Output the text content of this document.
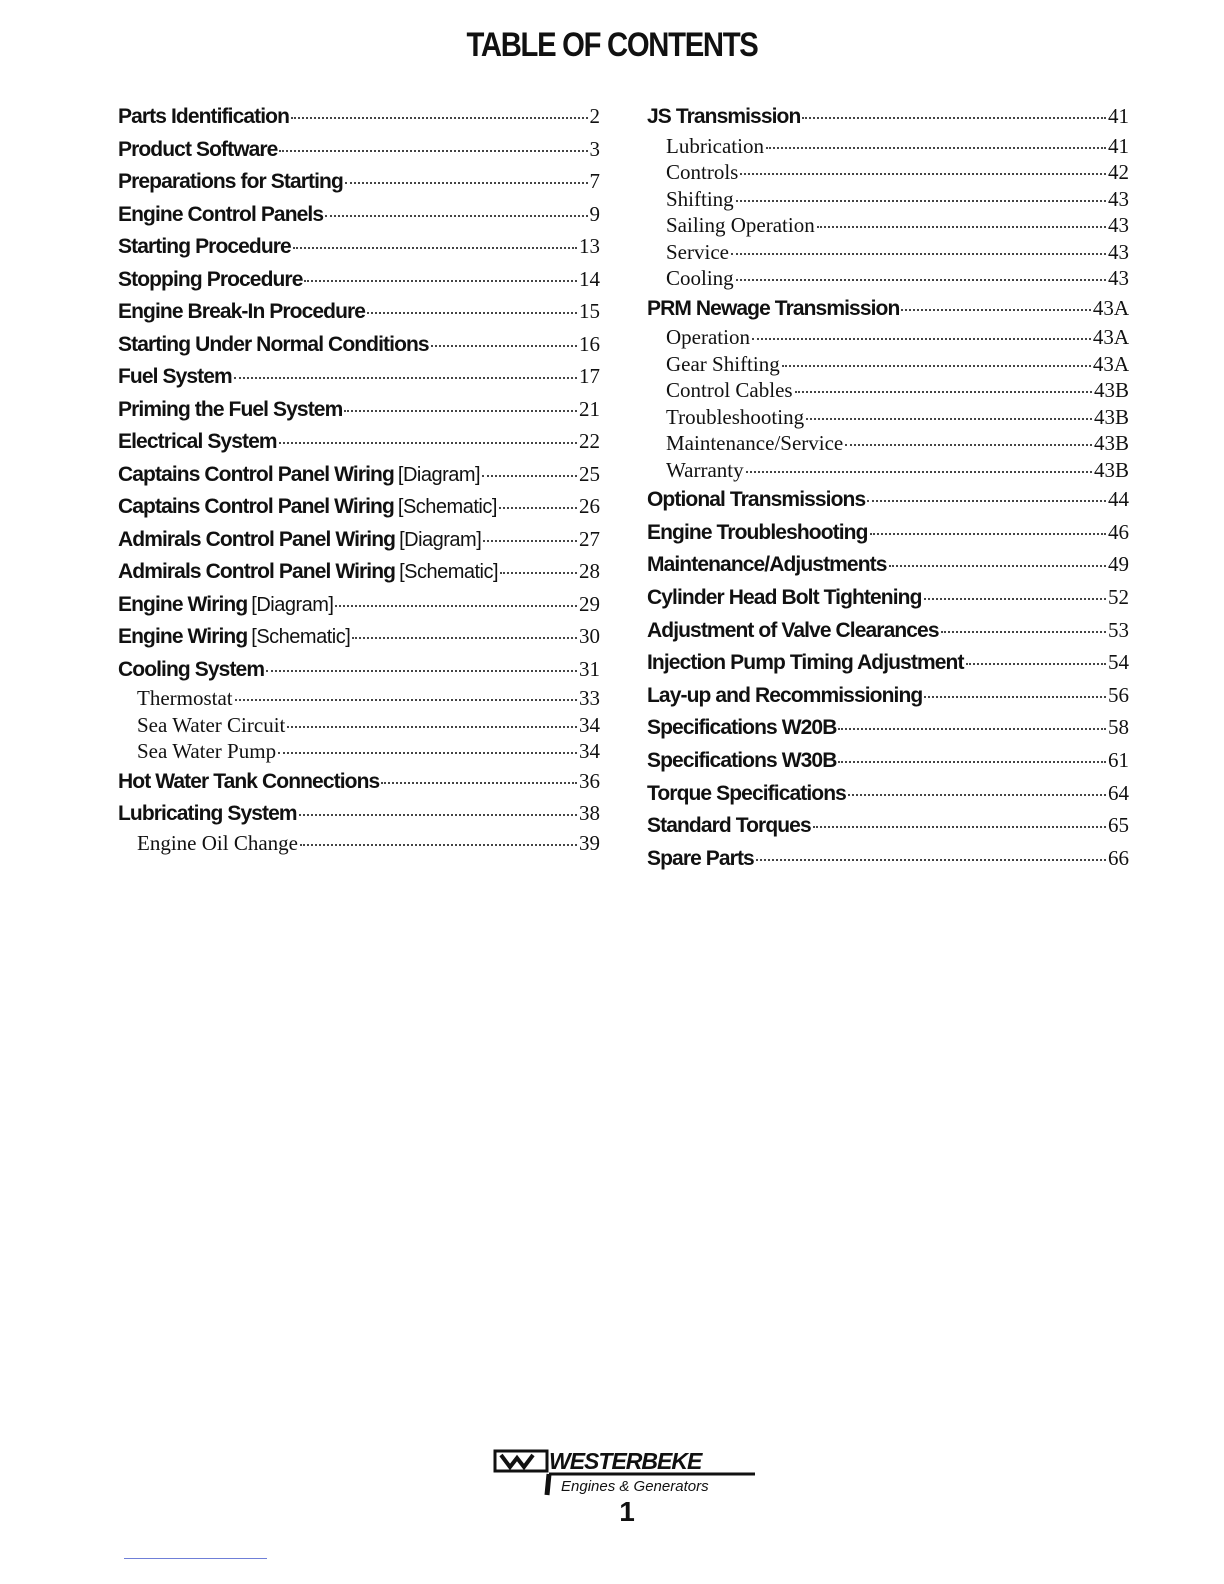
TABLE OF CONTENTS
Parts Identification	2
Product Software	3
Preparations for Starting	7
Engine Control Panels	9
Starting Procedure	13
Stopping Procedure	14
Engine Break-In Procedure	15
Starting Under Normal Conditions	16
Fuel System	17
Priming the Fuel System	21
Electrical System	22
Captains Control Panel Wiring [Diagram]	25
Captains Control Panel Wiring [Schematic]	26
Admirals Control Panel Wiring [Diagram]	27
Admirals Control Panel Wiring [Schematic]	28
Engine Wiring [Diagram]	29
Engine Wiring [Schematic]	30
Cooling System	31
Thermostat	33
Sea Water Circuit	34
Sea Water Pump	34
Hot Water Tank Connections	36
Lubricating System	38
Engine Oil Change	39
JS Transmission	41
Lubrication	41
Controls	42
Shifting	43
Sailing Operation	43
Service	43
Cooling	43
PRM Newage Transmission	43A
Operation	43A
Gear Shifting	43A
Control Cables	43B
Troubleshooting	43B
Maintenance/Service	43B
Warranty	43B
Optional Transmissions	44
Engine Troubleshooting	46
Maintenance/Adjustments	49
Cylinder Head Bolt Tightening	52
Adjustment of Valve Clearances	53
Injection Pump Timing Adjustment	54
Lay-up and Recommissioning	56
Specifications W20B	58
Specifications W30B	61
Torque Specifications	64
Standard Torques	65
Spare Parts	66
WESTERBEKE
Engines & Generators
1
